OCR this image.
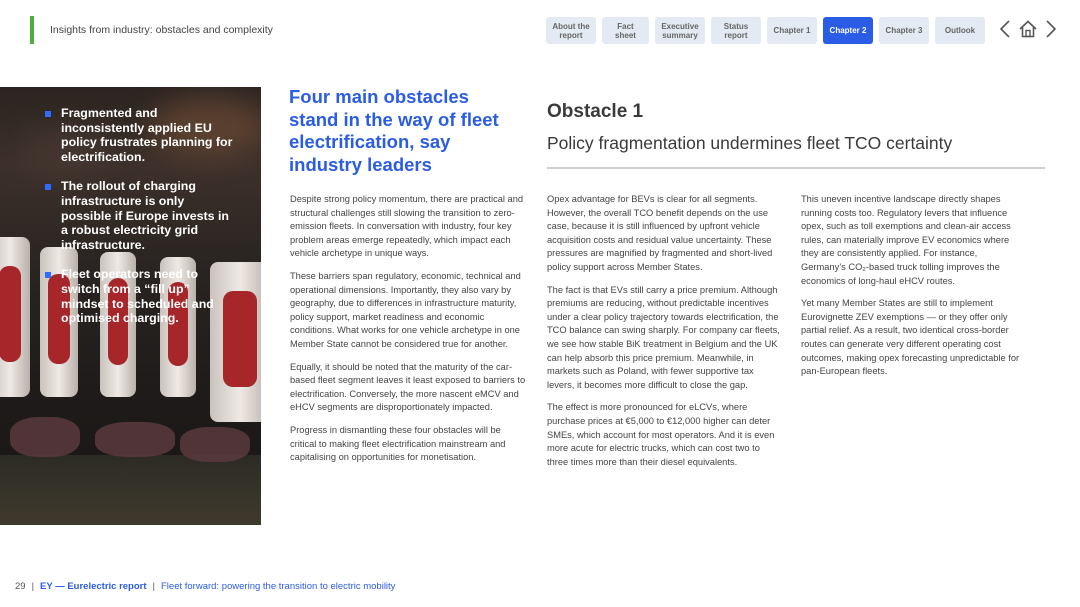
Insights from industry: obstacles and complexity	About the
report
Fact
sheet
Executive
summary
Status
report	Chapter 1	Chapter 2	Chapter 3	Outlook
Fragmented and inconsistently applied EU policy frustrates planning for electrification.
The rollout of charging infrastructure is only possible if Europe invests in a robust electricity grid infrastructure.
Fleet operators need to switch from a “fill up” mindset to scheduled and optimised charging.
Four main obstacles stand in the way of fleet electrification, say industry leaders

Despite strong policy momentum, there are practical and structural challenges still slowing the transition to zero-emission fleets. In conversation with industry, four key problem areas emerge repeatedly, which impact each vehicle archetype in unique ways.

These barriers span regulatory, economic, technical and operational dimensions. Importantly, they also vary by geography, due to differences in infrastructure maturity, policy support, market readiness and economic conditions. What works for one vehicle archetype in one Member State cannot be considered true for another.

Equally, it should be noted that the maturity of the car-based fleet segment leaves it least exposed to barriers to electrification. Conversely, the more nascent eMCV and eHCV segments are disproportionately impacted.

Progress in dismantling these four obstacles will be critical to making fleet electrification mainstream and capitalising on opportunities for monetisation.

Obstacle 1
Policy fragmentation undermines fleet TCO certainty

Opex advantage for BEVs is clear for all segments. However, the overall TCO benefit depends on the use case, because it is still influenced by upfront vehicle acquisition costs and residual value uncertainty. These pressures are magnified by fragmented and short-lived policy support across Member States.

The fact is that EVs still carry a price premium. Although premiums are reducing, without predictable incentives under a clear policy trajectory towards electrification, the TCO balance can swing sharply. For company car fleets, we see how stable BiK treatment in Belgium and the UK can help absorb this price premium. Meanwhile, in markets such as Poland, with fewer supportive tax levers, it becomes more difficult to close the gap.

The effect is more pronounced for eLCVs, where purchase prices at €5,000 to €12,000 higher can deter SMEs, which account for most operators. And it is even more acute for electric trucks, which can cost two to three times more than their diesel equivalents.

This uneven incentive landscape directly shapes running costs too. Regulatory levers that influence opex, such as toll exemptions and clean-air access rules, can materially improve EV economics where they are consistently applied. For instance, Germany’s CO₂-based truck tolling improves the economics of long-haul eHCV routes.

Yet many Member States are still to implement Eurovignette ZEV exemptions — or they offer only partial relief. As a result, two identical cross-border routes can generate very different operating cost outcomes, making opex forecasting unpredictable for pan-European fleets.

29 | EY — Eurelectric report | Fleet forward: powering the transition to electric mobility
